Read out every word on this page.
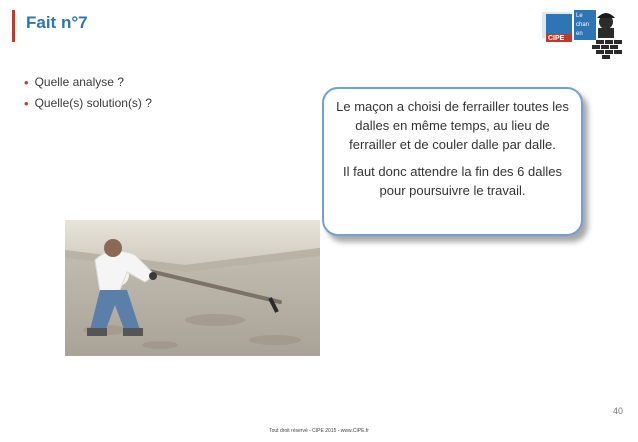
Fait n°7
• Quelle analyse ?
• Quelle(s) solution(s) ?	Le maçon a choisi de ferrailler toutes les dalles en même temps, au lieu de ferrailler et de couler dalle par dalle.

Il faut donc attendre la fin des 6 dalles pour poursuivre le travail.

CIPE
Le
chan
en
40
Tout droit réservé - CIPE 2015 - www.CIPE.fr
